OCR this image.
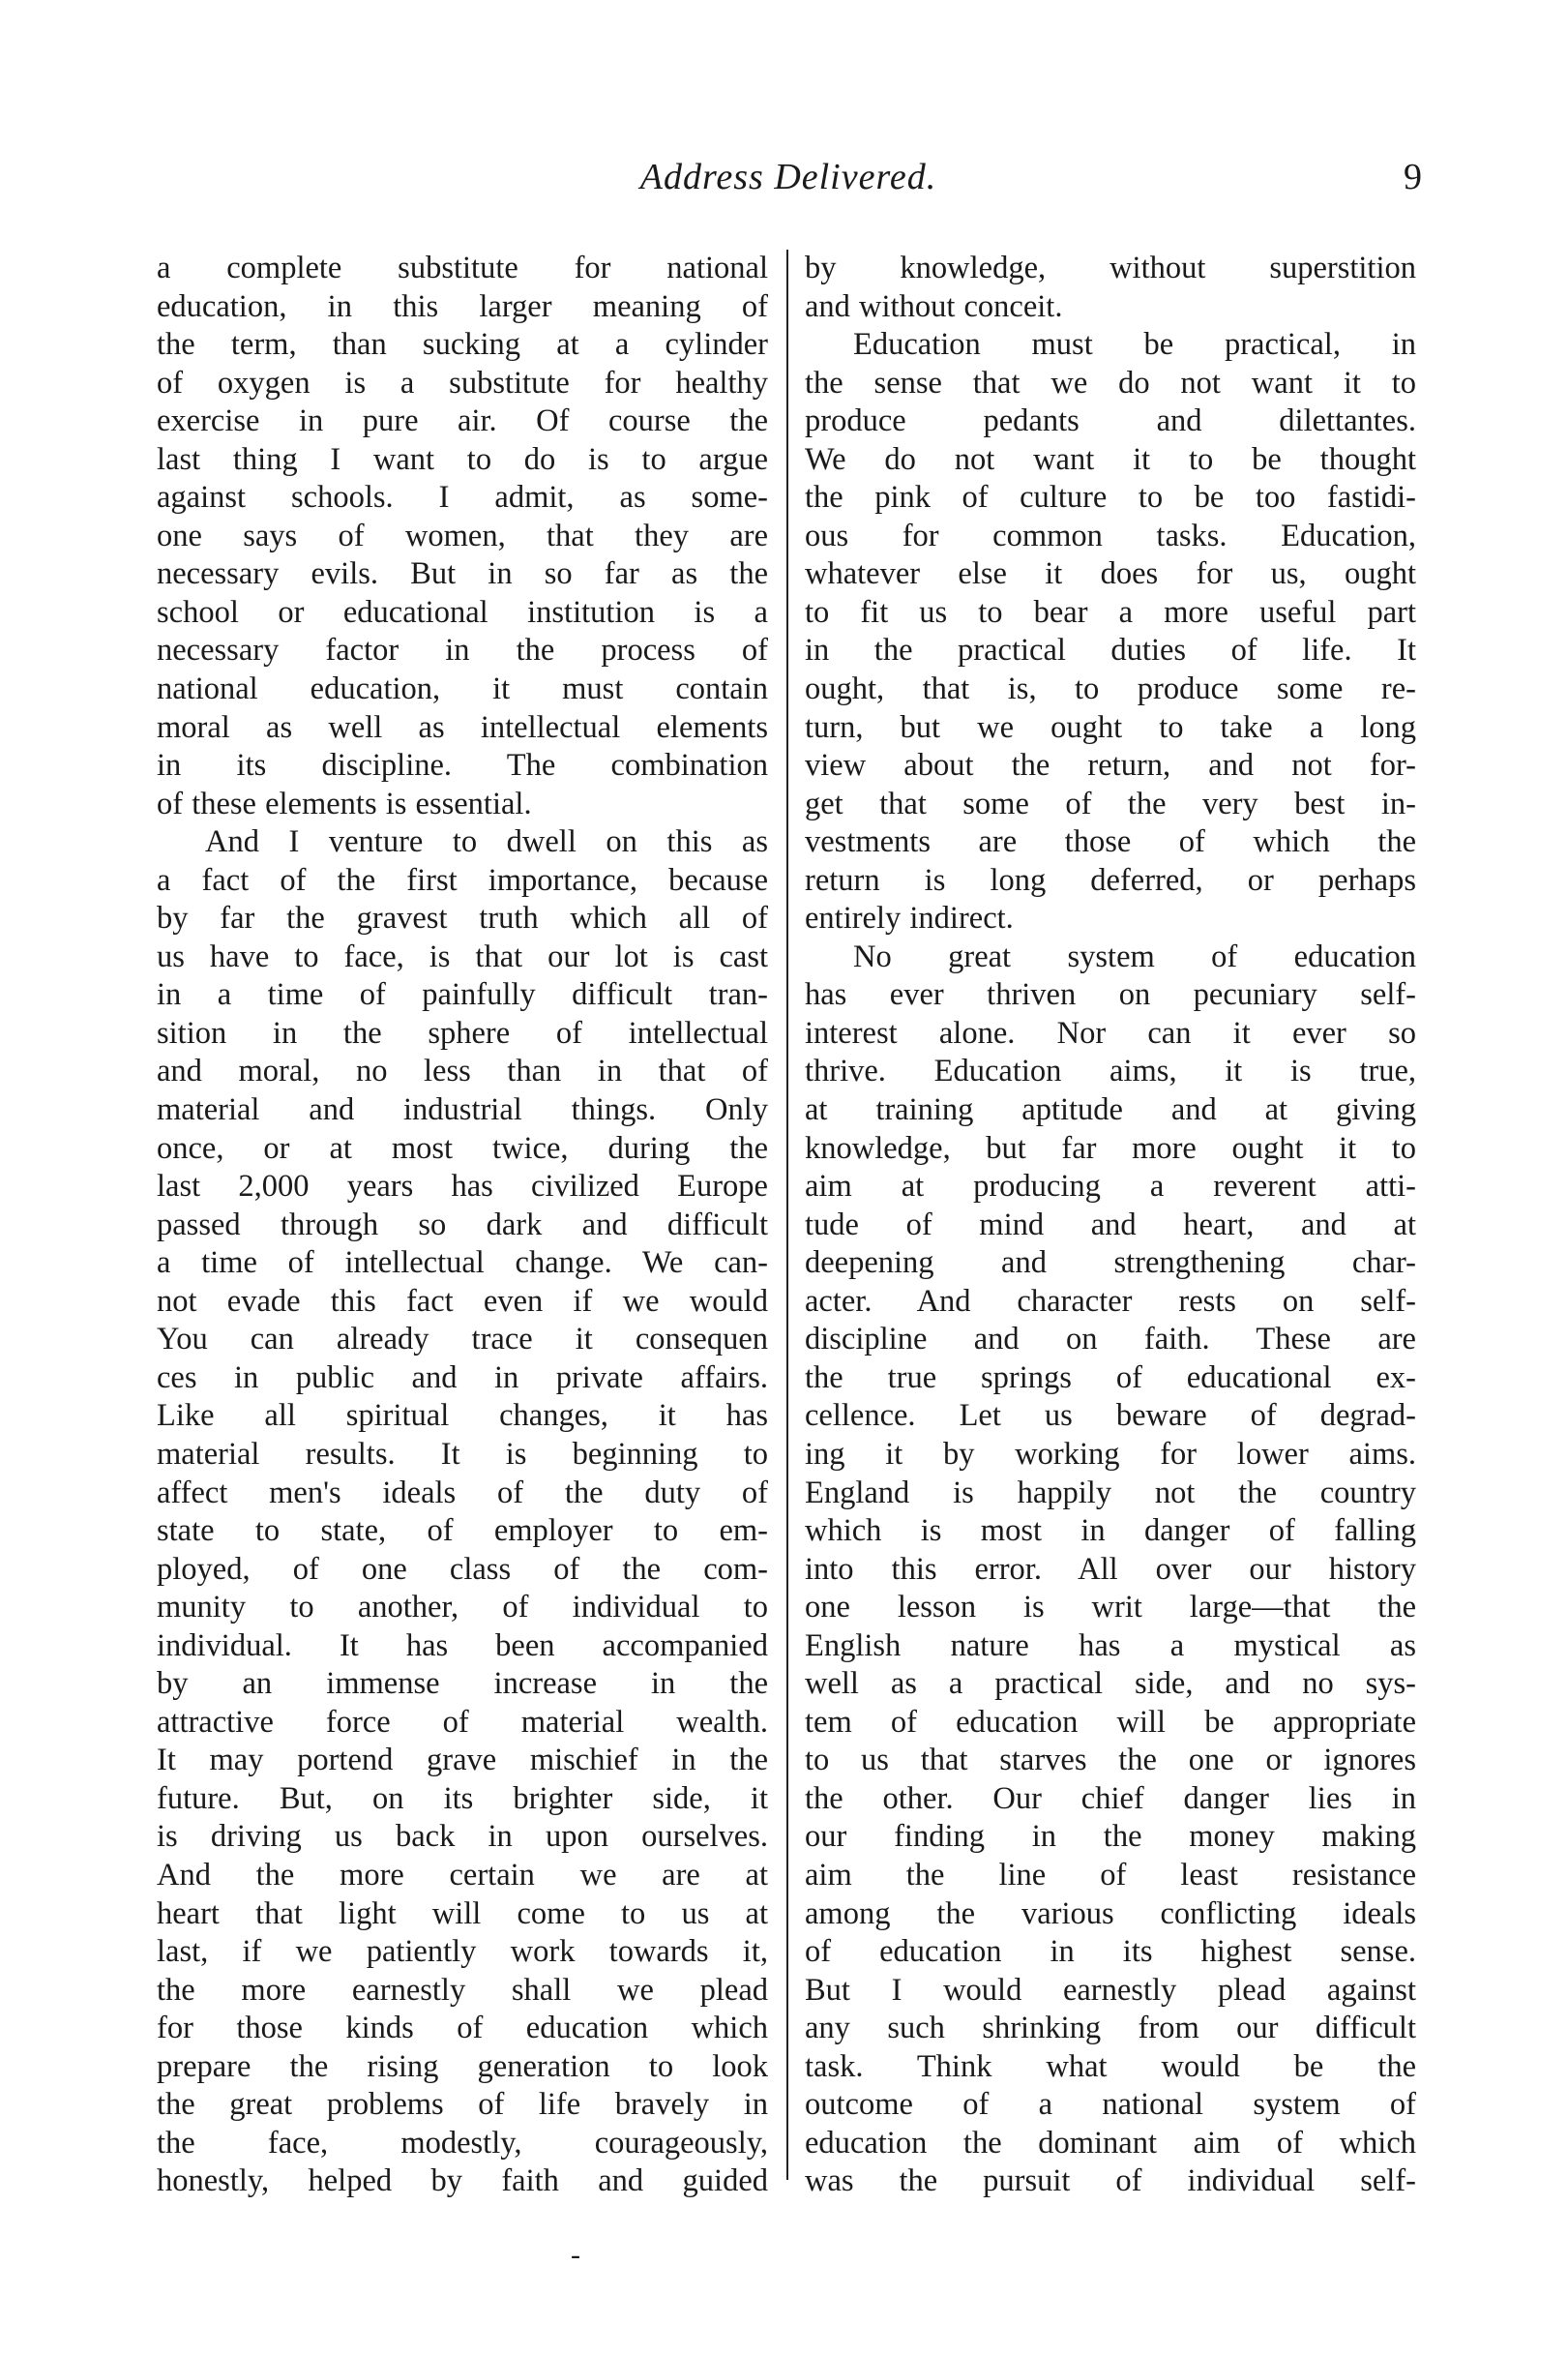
Address Delivered.	9
a complete substitute for national
education, in this larger meaning of
the term, than sucking at a cylinder
of oxygen is a substitute for healthy
exercise in pure air. Of course the
last thing I want to do is to argue
against schools. I admit, as some-
one says of women, that they are
necessary evils. But in so far as the
school or educational institution is a
necessary factor in the process of
national education, it must contain
moral as well as intellectual elements
in its discipline. The combination
of these elements is essential.
And I venture to dwell on this as
a fact of the first importance, because
by far the gravest truth which all of
us have to face, is that our lot is cast
in a time of painfully difficult tran-
sition in the sphere of intellectual
and moral, no less than in that of
material and industrial things. Only
once, or at most twice, during the
last 2,000 years has civilized Europe
passed through so dark and difficult
a time of intellectual change. We can-
not evade this fact even if we would
You can already trace it consequen
ces in public and in private affairs.
Like all spiritual changes, it has
material results. It is beginning to
affect men's ideals of the duty of
state to state, of employer to em-
ployed, of one class of the com-
munity to another, of individual to
individual. It has been accompanied
by an immense increase in the
attractive force of material wealth.
It may portend grave mischief in the
future. But, on its brighter side, it
is driving us back in upon ourselves.
And the more certain we are at
heart that light will come to us at
last, if we patiently work towards it,
the more earnestly shall we plead
for those kinds of education which
prepare the rising generation to look
the great problems of life bravely in
the face, modestly, courageously,
honestly, helped by faith and guided
by knowledge, without superstition
and without conceit.
Education must be practical, in
the sense that we do not want it to
produce pedants and dilettantes.
We do not want it to be thought
the pink of culture to be too fastidi-
ous for common tasks. Education,
whatever else it does for us, ought
to fit us to bear a more useful part
in the practical duties of life. It
ought, that is, to produce some re-
turn, but we ought to take a long
view about the return, and not for-
get that some of the very best in-
vestments are those of which the
return is long deferred, or perhaps
entirely indirect.
No great system of education
has ever thriven on pecuniary self-
interest alone. Nor can it ever so
thrive. Education aims, it is true,
at training aptitude and at giving
knowledge, but far more ought it to
aim at producing a reverent atti-
tude of mind and heart, and at
deepening and strengthening char-
acter. And character rests on self-
discipline and on faith. These are
the true springs of educational ex-
cellence. Let us beware of degrad-
ing it by working for lower aims.
England is happily not the country
which is most in danger of falling
into this error. All over our history
one lesson is writ large—that the
English nature has a mystical as
well as a practical side, and no sys-
tem of education will be appropriate
to us that starves the one or ignores
the other. Our chief danger lies in
our finding in the money making
aim the line of least resistance
among the various conflicting ideals
of education in its highest sense.
But I would earnestly plead against
any such shrinking from our difficult
task. Think what would be the
outcome of a national system of
education the dominant aim of which
was the pursuit of individual self-
-
